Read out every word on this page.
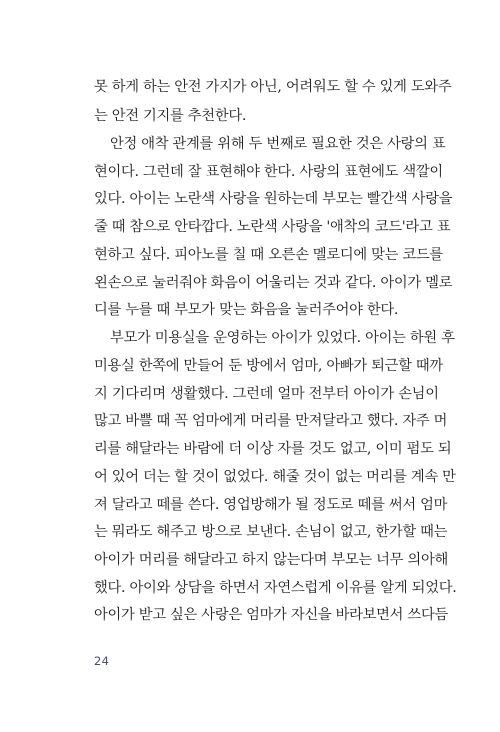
못 하게 하는 안전 가지가 아닌, 어려워도 할 수 있게 도와주
는 안전 기지를 추천한다.
안정 애착 관계를 위해 두 번째로 필요한 것은 사랑의 표
현이다. 그런데 잘 표현해야 한다. 사랑의 표현에도 색깔이
있다. 아이는 노란색 사랑을 원하는데 부모는 빨간색 사랑을
줄 때 참으로 안타깝다. 노란색 사랑을 '애착의 코드'라고 표
현하고 싶다. 피아노를 칠 때 오른손 멜로디에 맞는 코드를
왼손으로 눌러줘야 화음이 어울리는 것과 같다. 아이가 멜로
디를 누를 때 부모가 맞는 화음을 눌러주어야 한다.
부모가 미용실을 운영하는 아이가 있었다. 아이는 하원 후
미용실 한쪽에 만들어 둔 방에서 엄마, 아빠가 퇴근할 때까
지 기다리며 생활했다. 그런데 얼마 전부터 아이가 손님이
많고 바쁠 때 꼭 엄마에게 머리를 만져달라고 했다. 자주 머
리를 해달라는 바람에 더 이상 자를 것도 없고, 이미 펌도 되
어 있어 더는 할 것이 없었다. 해줄 것이 없는 머리를 계속 만
져 달라고 떼를 쓴다. 영업방해가 될 정도로 떼를 써서 엄마
는 뭐라도 해주고 방으로 보낸다. 손님이 없고, 한가할 때는
아이가 머리를 해달라고 하지 않는다며 부모는 너무 의아해
했다. 아이와 상담을 하면서 자연스럽게 이유를 알게 되었다.
아이가 받고 싶은 사랑은 엄마가 자신을 바라보면서 쓰다듬
24
